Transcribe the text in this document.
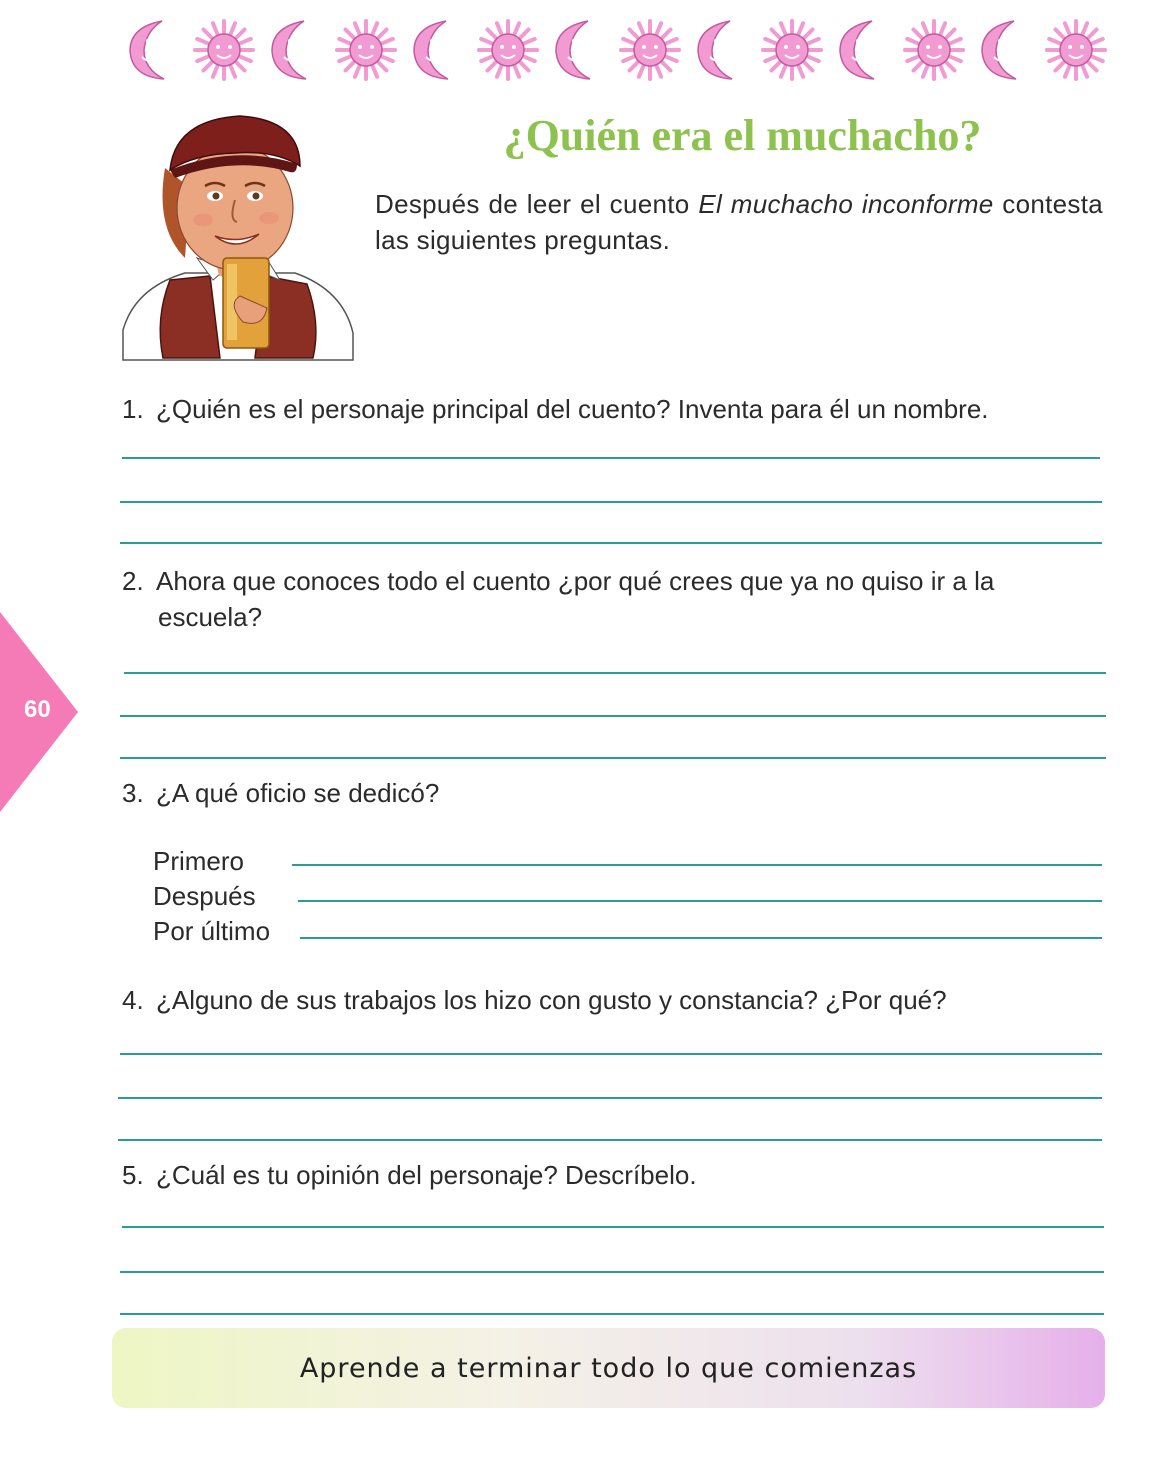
¿Quién era el muchacho?

Después de leer el cuento El muchacho inconforme contesta las siguientes preguntas.

1. ¿Quién es el personaje principal del cuento? Inventa para él un nombre.

2. Ahora que conoces todo el cuento ¿por qué crees que ya no quiso ir a la
escuela?

3. ¿A qué oficio se dedicó?

Primero
Después
Por último

4. ¿Alguno de sus trabajos los hizo con gusto y constancia? ¿Por qué?

5. ¿Cuál es tu opinión del personaje? Descríbelo.

60
Aprende a terminar todo lo que comienzas
